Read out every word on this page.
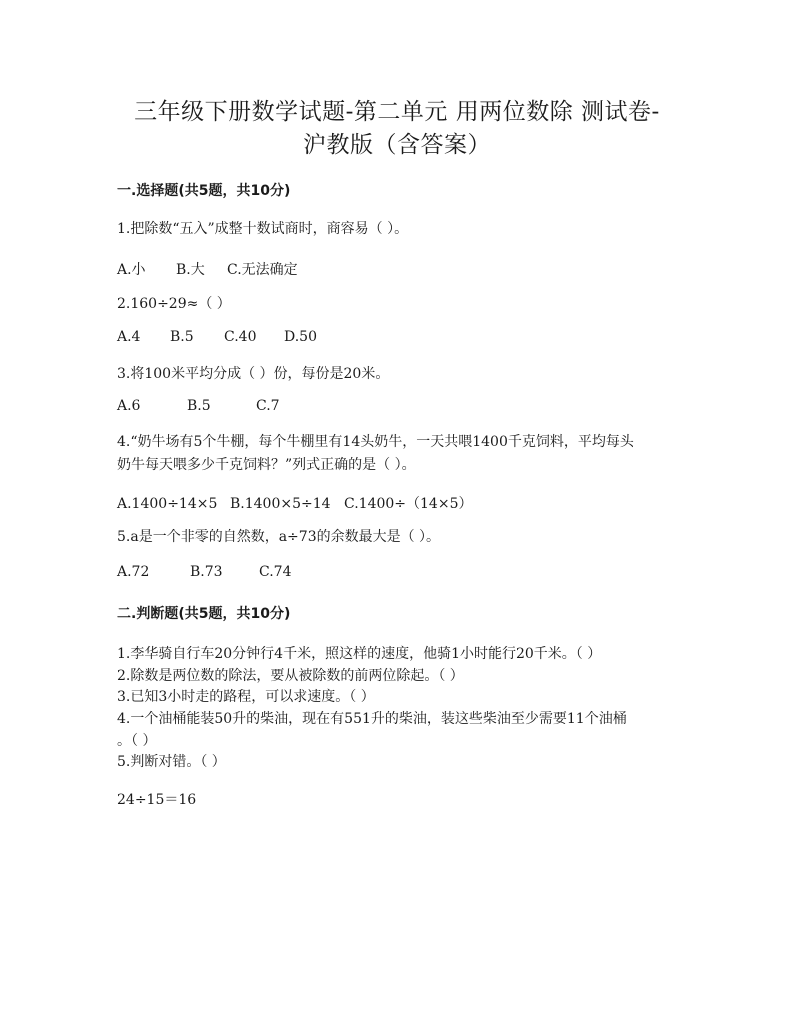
三年级下册数学试题-第二单元 用两位数除 测试卷-
沪教版（含答案）
一.选择题(共5题，共10分)
1.把除数“五入”成整十数试商时，商容易（ ）。
A.小 B.大 C.无法确定
2.160÷29≈（ ）
A.4 B.5 C.40 D.50
3.将100米平均分成（ ）份，每份是20米。
A.6	B.5	C.7
4.“奶牛场有5个牛棚，每个牛棚里有14头奶牛，一天共喂1400千克饲料，平均每头
奶牛每天喂多少千克饲料？”列式正确的是（ ）。
A.1400÷14×5 B.1400×5÷14 C.1400÷（14×5）
5.a是一个非零的自然数，a÷73的余数最大是（ ）。
A.72	B.73	C.74
二.判断题(共5题，共10分)
1.李华骑自行车20分钟行4千米，照这样的速度，他骑1小时能行20千米。（ ）
2.除数是两位数的除法，要从被除数的前两位除起。（ ）
3.已知3小时走的路程，可以求速度。（ ）
4.一个油桶能装50升的柴油，现在有551升的柴油，装这些柴油至少需要11个油桶
。（ ）
5.判断对错。（ ）
24÷15＝16
